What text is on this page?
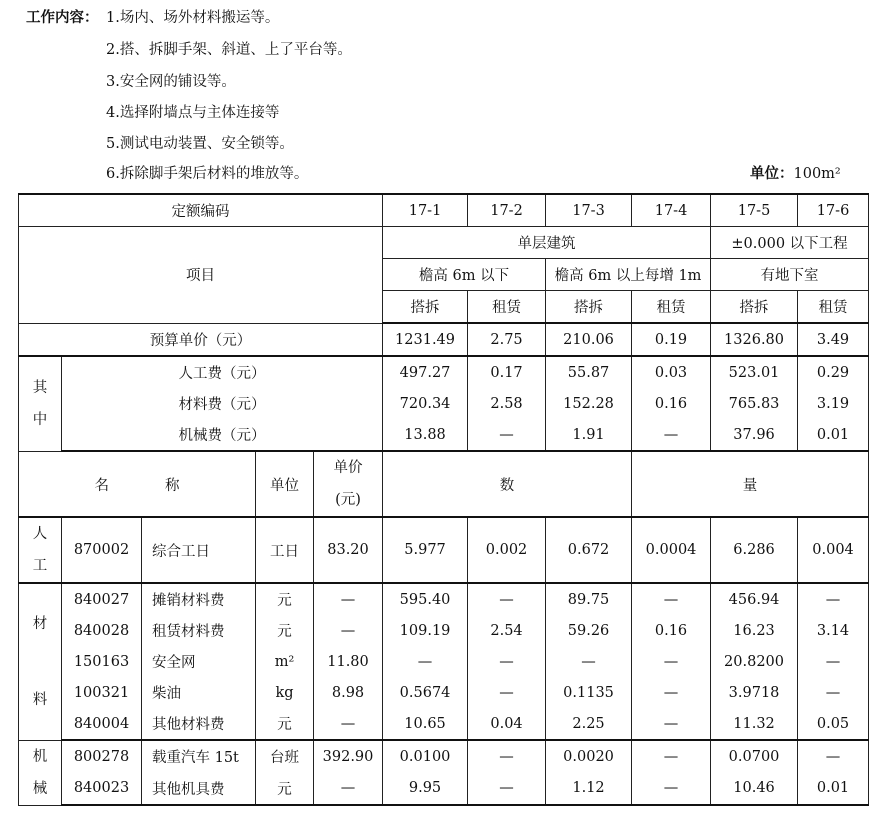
工作内容： 1.场内、场外材料搬运等。
2.搭、拆脚手架、斜道、上了平台等。
3.安全网的铺设等。
4.选择附墙点与主体连接等
5.测试电动装置、安全锁等。
6.拆除脚手架后材料的堆放等。	单位：100m²
定额编码					17-1	17-2	17-3	17-4	17-5	17-6
项目					单层建筑				±0.000 以下工程	
					檐高 6m 以下		檐高 6m 以上每增 1m		有地下室	
					搭拆	租赁	搭拆	租赁	搭拆	租赁
预算单价（元）					1231.49	2.75	210.06	0.19	1326.80	3.49
其
中	人工费（元）				497.27	0.17	55.87	0.03	523.01	0.29
	材料费（元）				720.34	2.58	152.28	0.16	765.83	3.19
	机械费（元）				13.88	—	1.91	—	37.96	0.01
名 称			单位	单价
(元)	数			量		
人
工	870002	综合工日	工日	83.20	5.977	0.002	0.672	0.0004	6.286	0.004
材
料	840027	摊销材料费	元	—	595.40	—	89.75	—	456.94	—
	840028	租赁材料费	元	—	109.19	2.54	59.26	0.16	16.23	3.14
	150163	安全网	m²	11.80	—	—	—	—	20.8200	—
	100321	柴油	kg	8.98	0.5674	—	0.1135	—	3.9718	—
	840004	其他材料费	元	—	10.65	0.04	2.25	—	11.32	0.05
机
械	800278	载重汽车 15t	台班	392.90	0.0100	—	0.0020	—	0.0700	—
	840023	其他机具费	元	—	9.95	—	1.12	—	10.46	0.01
